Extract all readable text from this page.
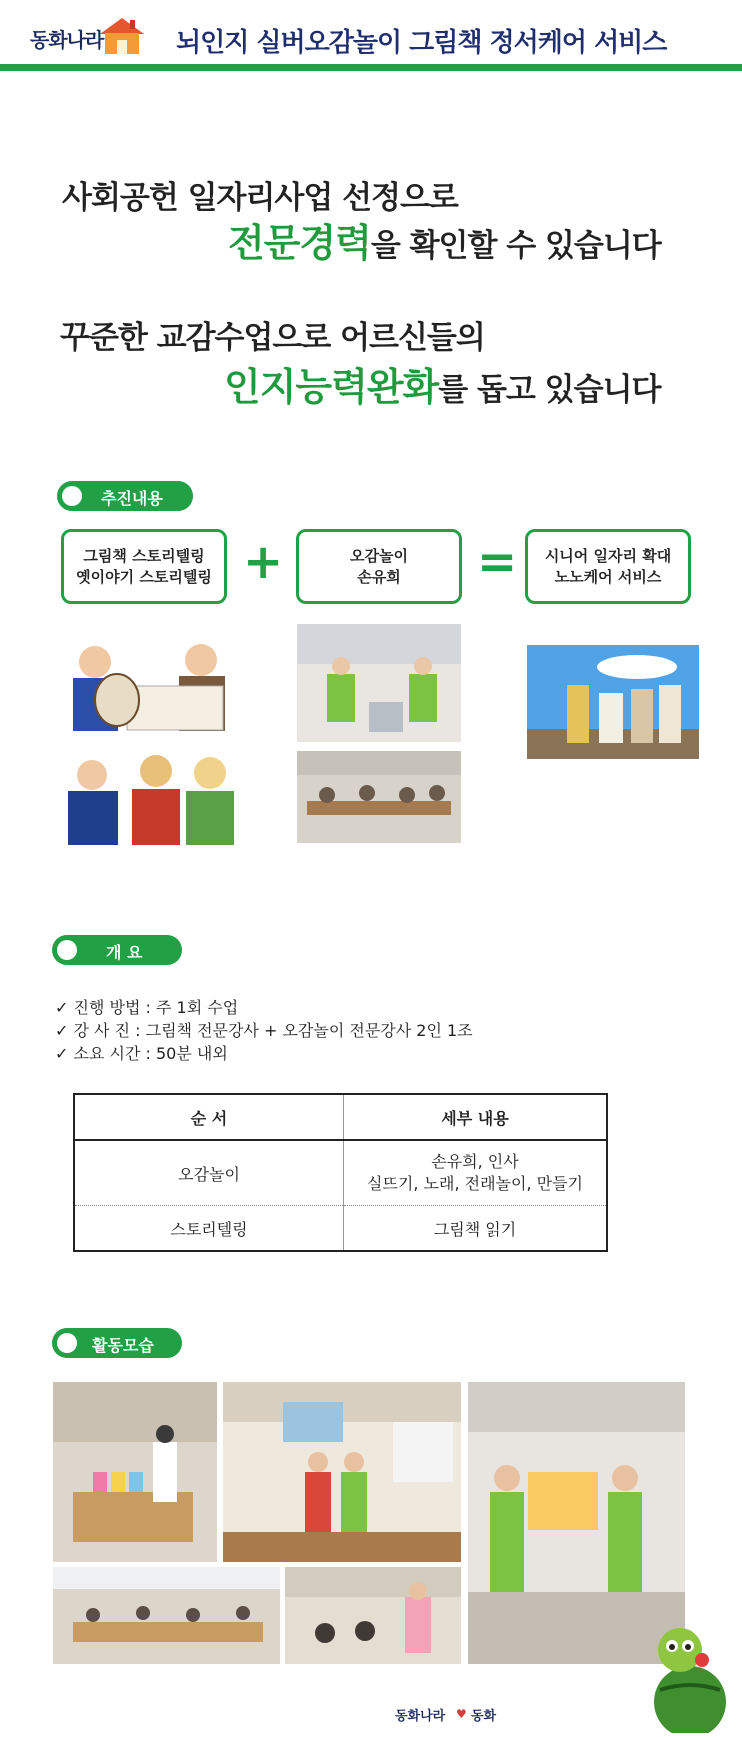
동화나라	뇌인지 실버오감놀이 그림책 정서케어 서비스
사회공헌 일자리사업 선정으로
전문경력을 확인할 수 있습니다
꾸준한 교감수업으로 어르신들의
인지능력완화를 돕고 있습니다
추진내용
그림책 스토리텔링
옛이야기 스토리텔링 +	오감놀이
손유희 = 시니어 일자리 확대
노노케어 서비스
개 요
✓ 진행 방법 : 주 1회 수업
✓ 강 사 진 : 그림책 전문강사 + 오감놀이 전문강사 2인 1조
✓ 소요 시간 : 50분 내외
순 서	세부 내용
오감놀이	손유희, 인사
실뜨기, 노래, 전래놀이, 만들기

스토리텔링	그림책 읽기
활동모습
동화나라 ♥ 동화
